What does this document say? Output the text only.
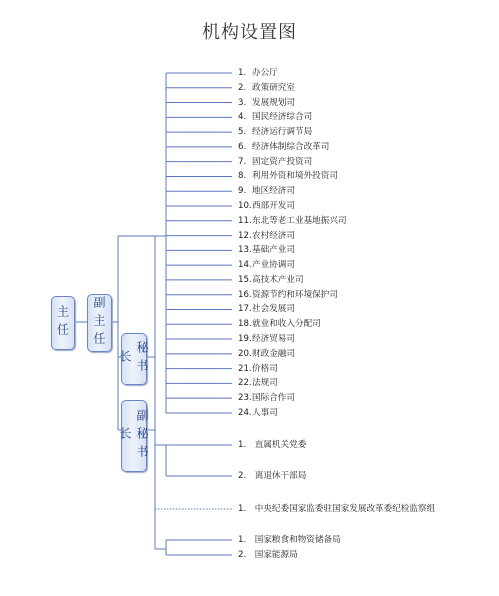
机构设置图
主任 副主任
秘书长
副秘书长
1. 办公厅
2. 政策研究室
3. 发展规划司
4. 国民经济综合司
5. 经济运行调节局
6. 经济体制综合改革司
7. 固定资产投资司
8. 利用外资和境外投资司
9. 地区经济司
10.西部开发司
11.东北等老工业基地振兴司
12.农村经济司
13.基础产业司
14.产业协调司
15.高技术产业司
16.资源节约和环境保护司
17.社会发展司
18.就业和收入分配司
19.经济贸易司
20.财政金融司
21.价格司
22.法规司
23.国际合作司
24.人事司
1. 直属机关党委
2. 离退休干部局
1. 中央纪委国家监委驻国家发展改革委纪检监察组
1. 国家粮食和物资储备局
2. 国家能源局
